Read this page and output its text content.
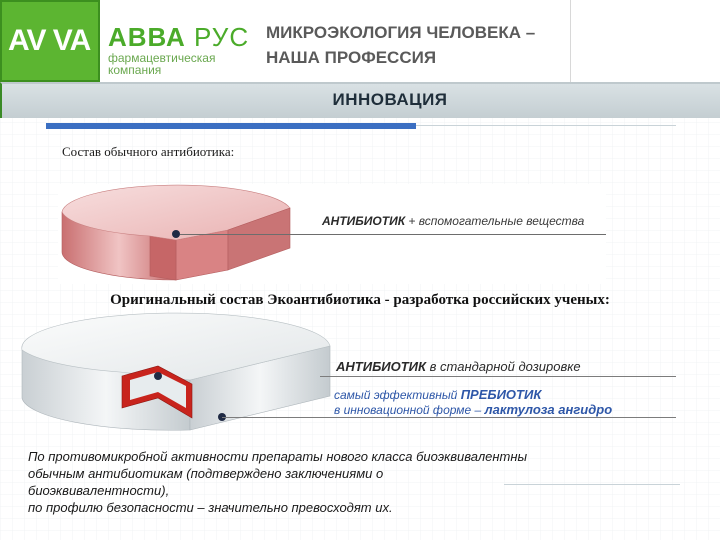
AV VA АВВА РУС
фармацевтическая
компания
МИКРОЭКОЛОГИЯ ЧЕЛОВЕКА –
НАША ПРОФЕССИЯ
ИННОВАЦИЯ
Состав обычного антибиотика:
АНТИБИОТИК + вспомогательные вещества
Оригинальный состав Экоантибиотика - разработка российских ученых:
АНТИБИОТИК в стандарной дозировке
самый эффективный ПРЕБИОТИК
в инновационной форме – лактулоза ангидро
По противомикробной активности препараты нового класса биоэквивалентны
обычным антибиотикам (подтверждено заключениями о
биоэквивалентности),
по профилю безопасности – значительно превосходят их.
